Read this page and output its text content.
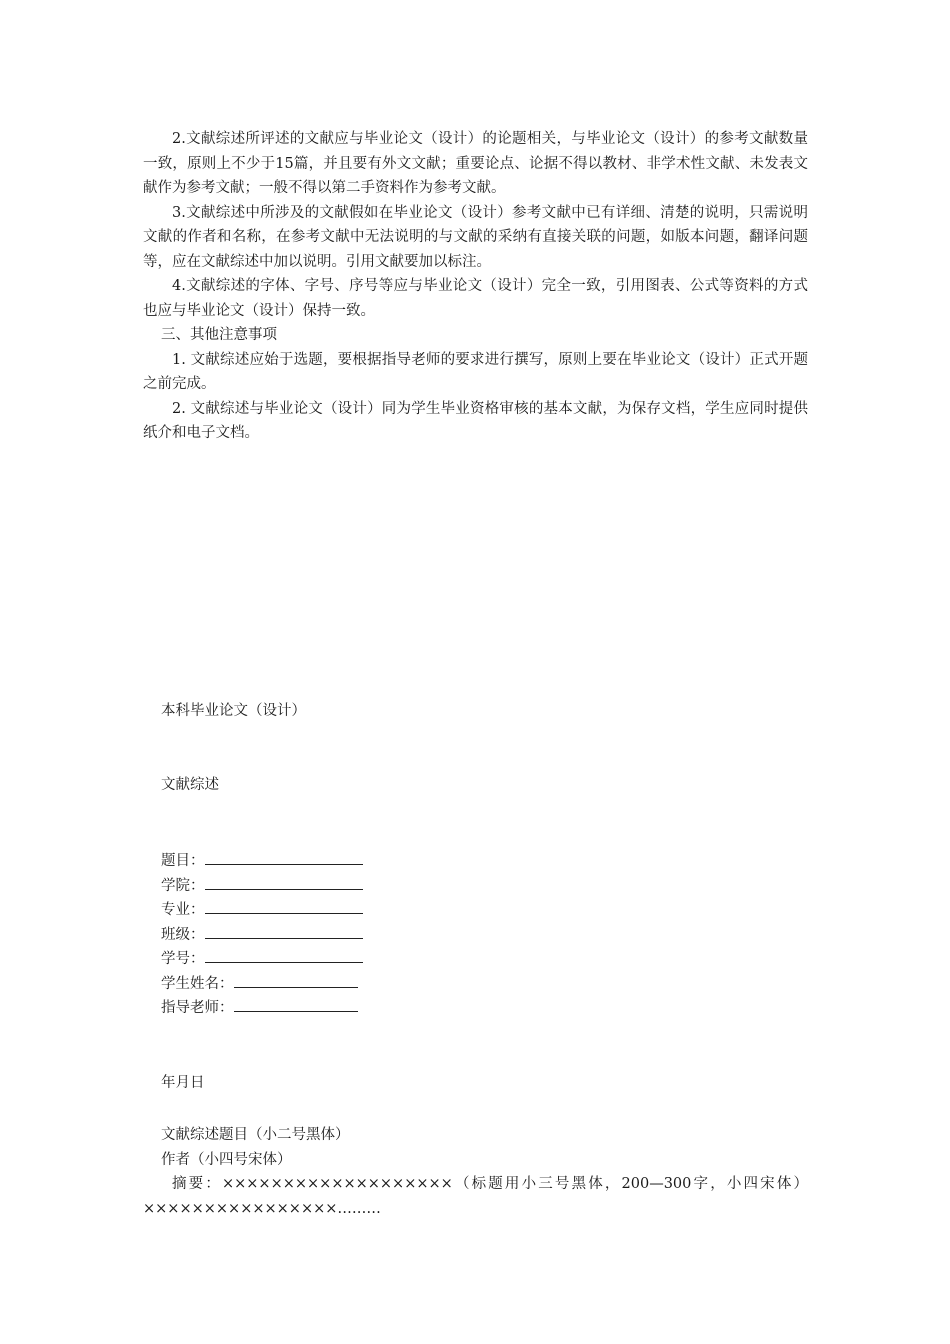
2.文献综述所评述的文献应与毕业论文（设计）的论题相关，与毕业论文（设计）的参考文献数量一致，原则上不少于15篇，并且要有外文文献；重要论点、论据不得以教材、非学术性文献、未发表文献作为参考文献；一般不得以第二手资料作为参考文献。

3.文献综述中所涉及的文献假如在毕业论文（设计）参考文献中已有详细、清楚的说明，只需说明文献的作者和名称，在参考文献中无法说明的与文献的采纳有直接关联的问题，如版本问题，翻译问题等，应在文献综述中加以说明。引用文献要加以标注。

4.文献综述的字体、字号、序号等应与毕业论文（设计）完全一致，引用图表、公式等资料的方式也应与毕业论文（设计）保持一致。

三、其他注意事项

1. 文献综述应始于选题，要根据指导老师的要求进行撰写，原则上要在毕业论文（设计）正式开题之前完成。

2. 文献综述与毕业论文（设计）同为学生毕业资格审核的基本文献，为保存文档，学生应同时提供纸介和电子文档。

本科毕业论文（设计）

文献综述

题目：

学院：

专业：

班级：

学号：

学生姓名：

指导老师：

年月日

文献综述题目（小二号黑体）

作者（小四号宋体）

摘要：×××××××××××××××××××（标题用小三号黑体，200—300字，小四宋体）××××××××××××××××………
